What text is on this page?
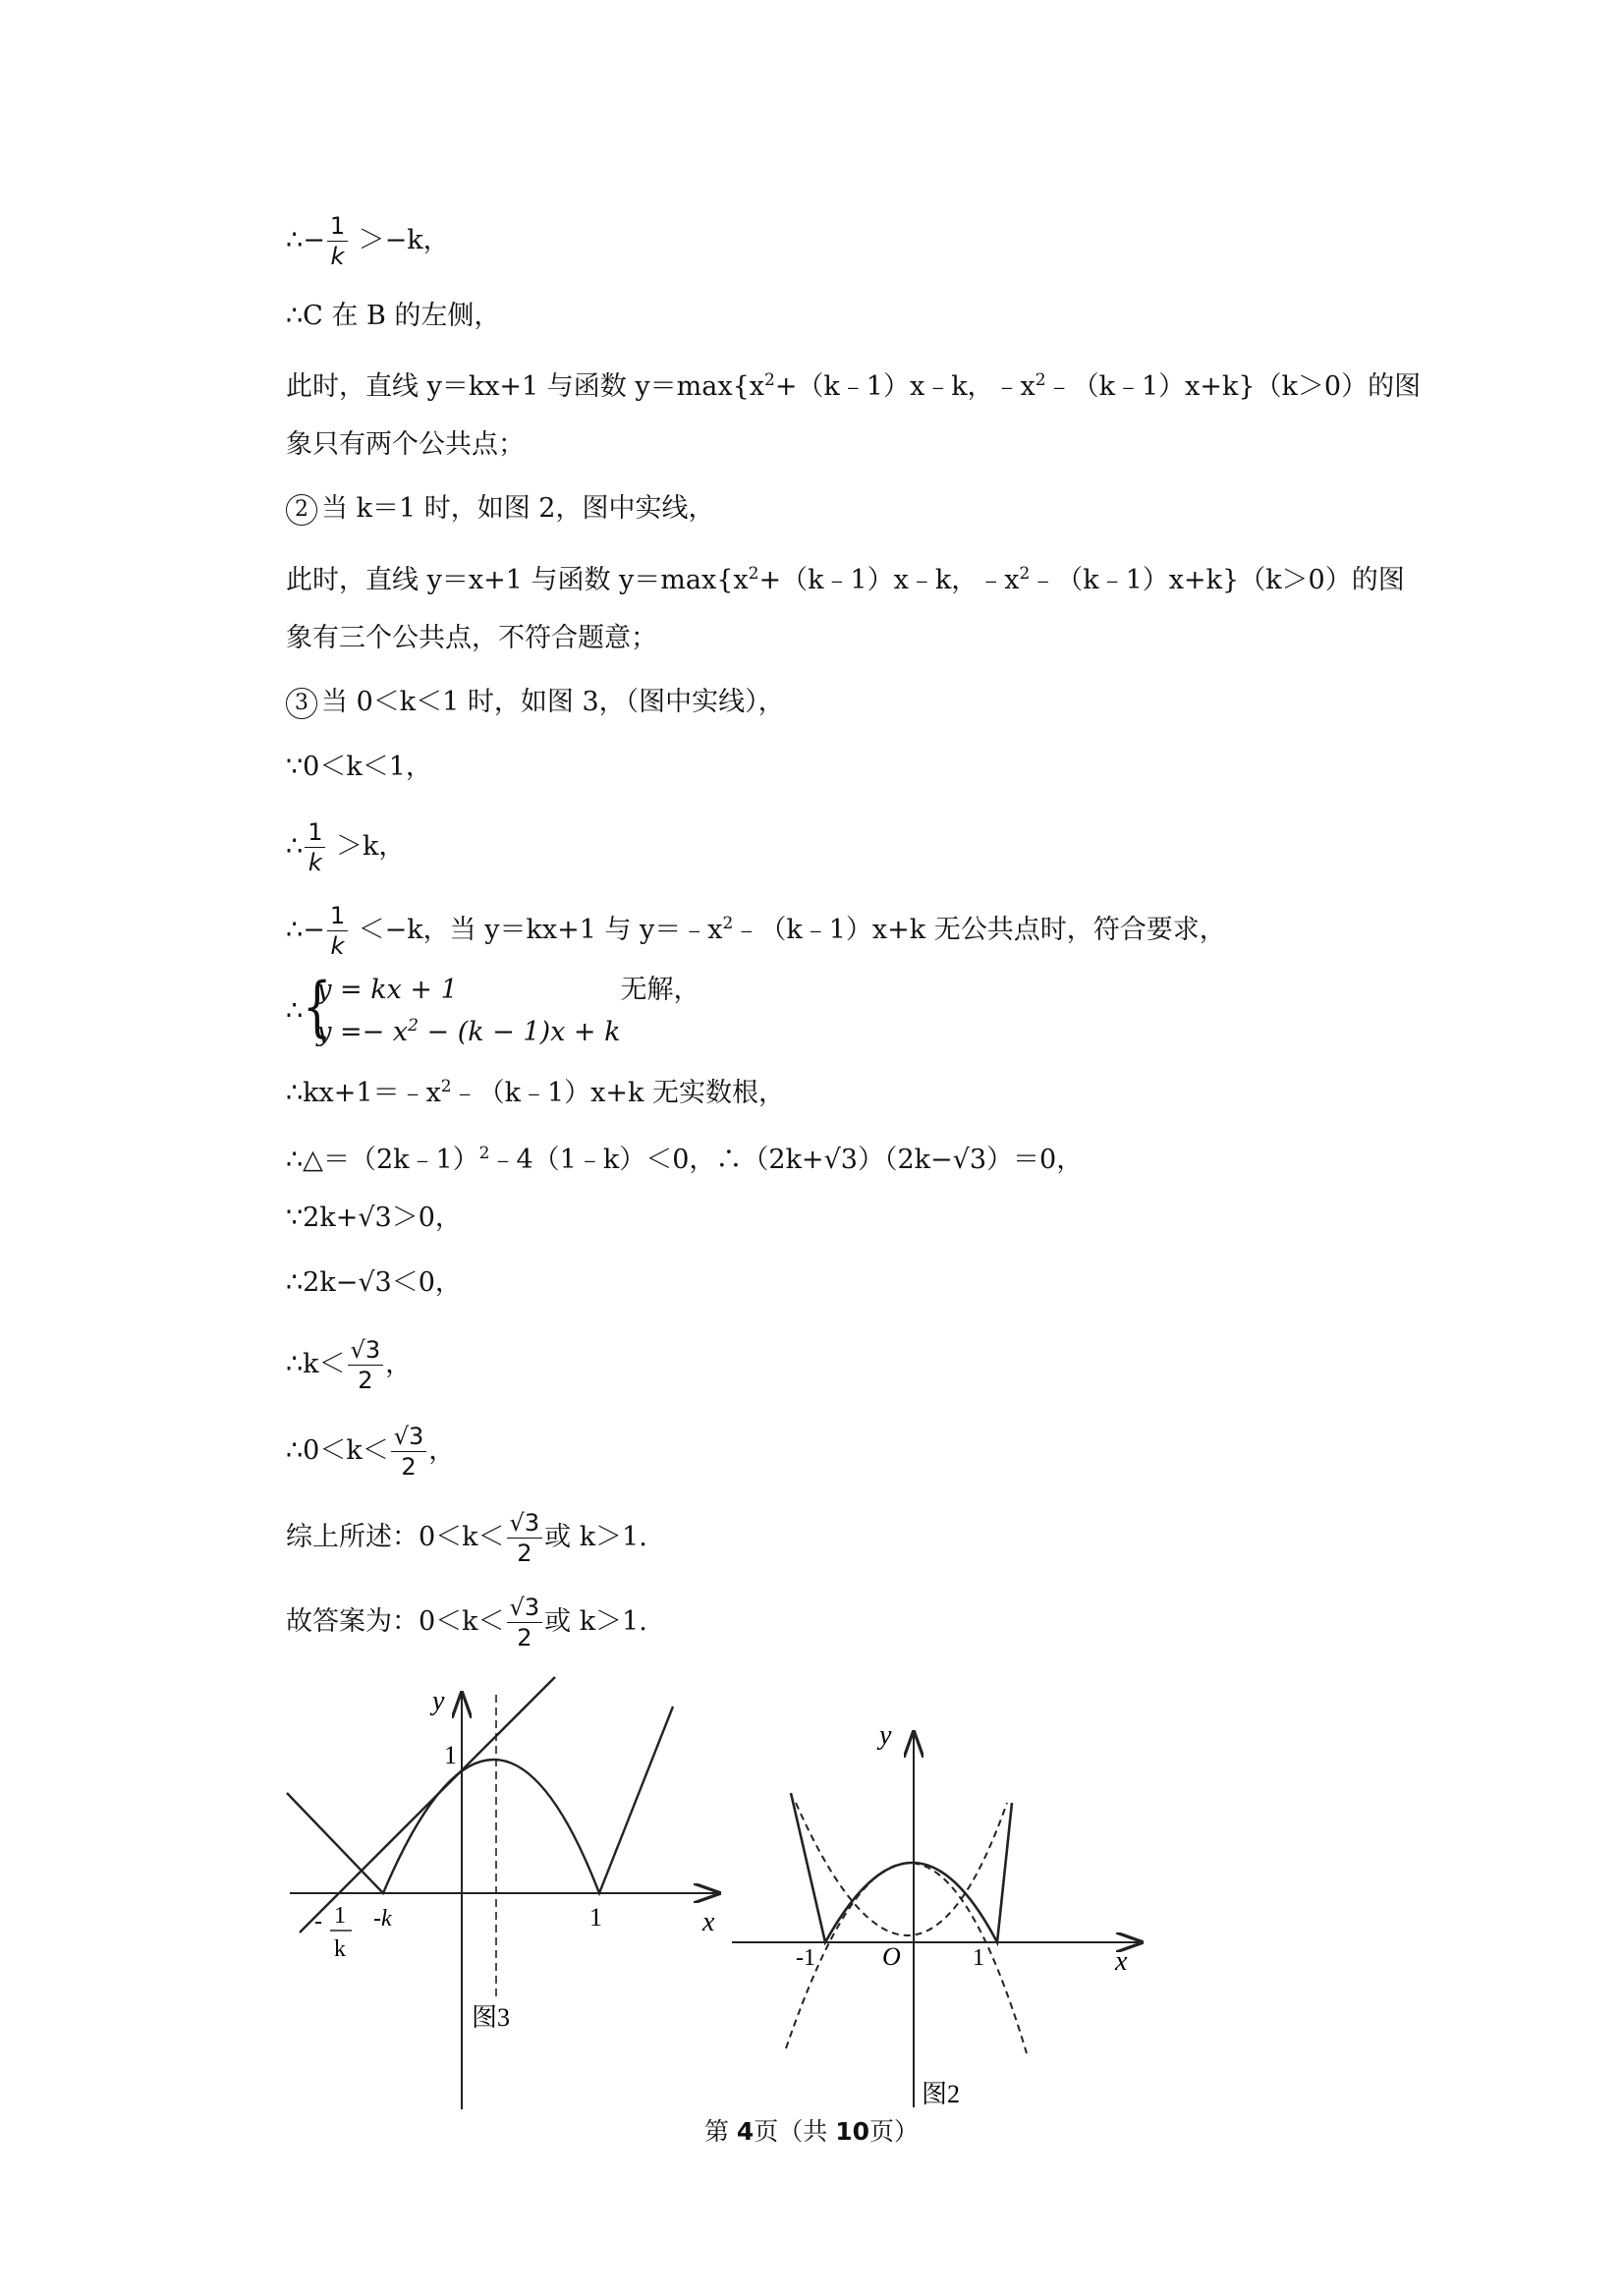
∴− $\frac{1}{k} >-k$，
∴C 在 B 的左侧，
此时，直线 y＝kx+1 与函数 $y=\max\{x^2+(k﹣1)x﹣k$，$﹣x^2﹣(k﹣1)x+k\}(k>0)$的图
象只有两个公共点；
2 当 k＝1 时，如图 2，图中实线，
此时，直线 y＝x+1 与函数 $y=\max\{x^2+(k﹣1)x﹣k$，$﹣x^2﹣(k﹣1)x+k\}(k>0)$的图
象有三个公共点，不符合题意；
3 当 0＜k＜1 时，如图 3，（图中实线），
∵0＜k＜1，
∴ $\frac{1}{k} >k$，
∴− $\frac{1}{k} <-k$，当 y＝kx+1 与 $y=﹣x^2﹣(k﹣1)x+k$ 无公共点时，符合要求，
∴ {
y = kx + 1
$y =- x^2 - (k - 1)x + k$
无解，
$\therefore kx+1=﹣x^2﹣(k﹣1)x+k$ 无实数根，
∴△＝（2k﹣1）$^2$﹣4（1﹣k）＜0，∴（2k+√3）（2k−√3）＝0，
∵2k+√3＞0，
∴2k−√3＜0，
∴k＜ $\frac{√3}{2}$ ，
∴0＜k＜ $\frac{√3}{2}$ ，
综上所述：$0<k< \frac{√3}{2}$ 或 k＞1.
故答案为：$0<k< \frac{√3}{2}$ 或 k＞1.
y
1
x
-k	1
- 1
k
图3
y
x
-1	O	1
图2
第 4页（共 10页）
